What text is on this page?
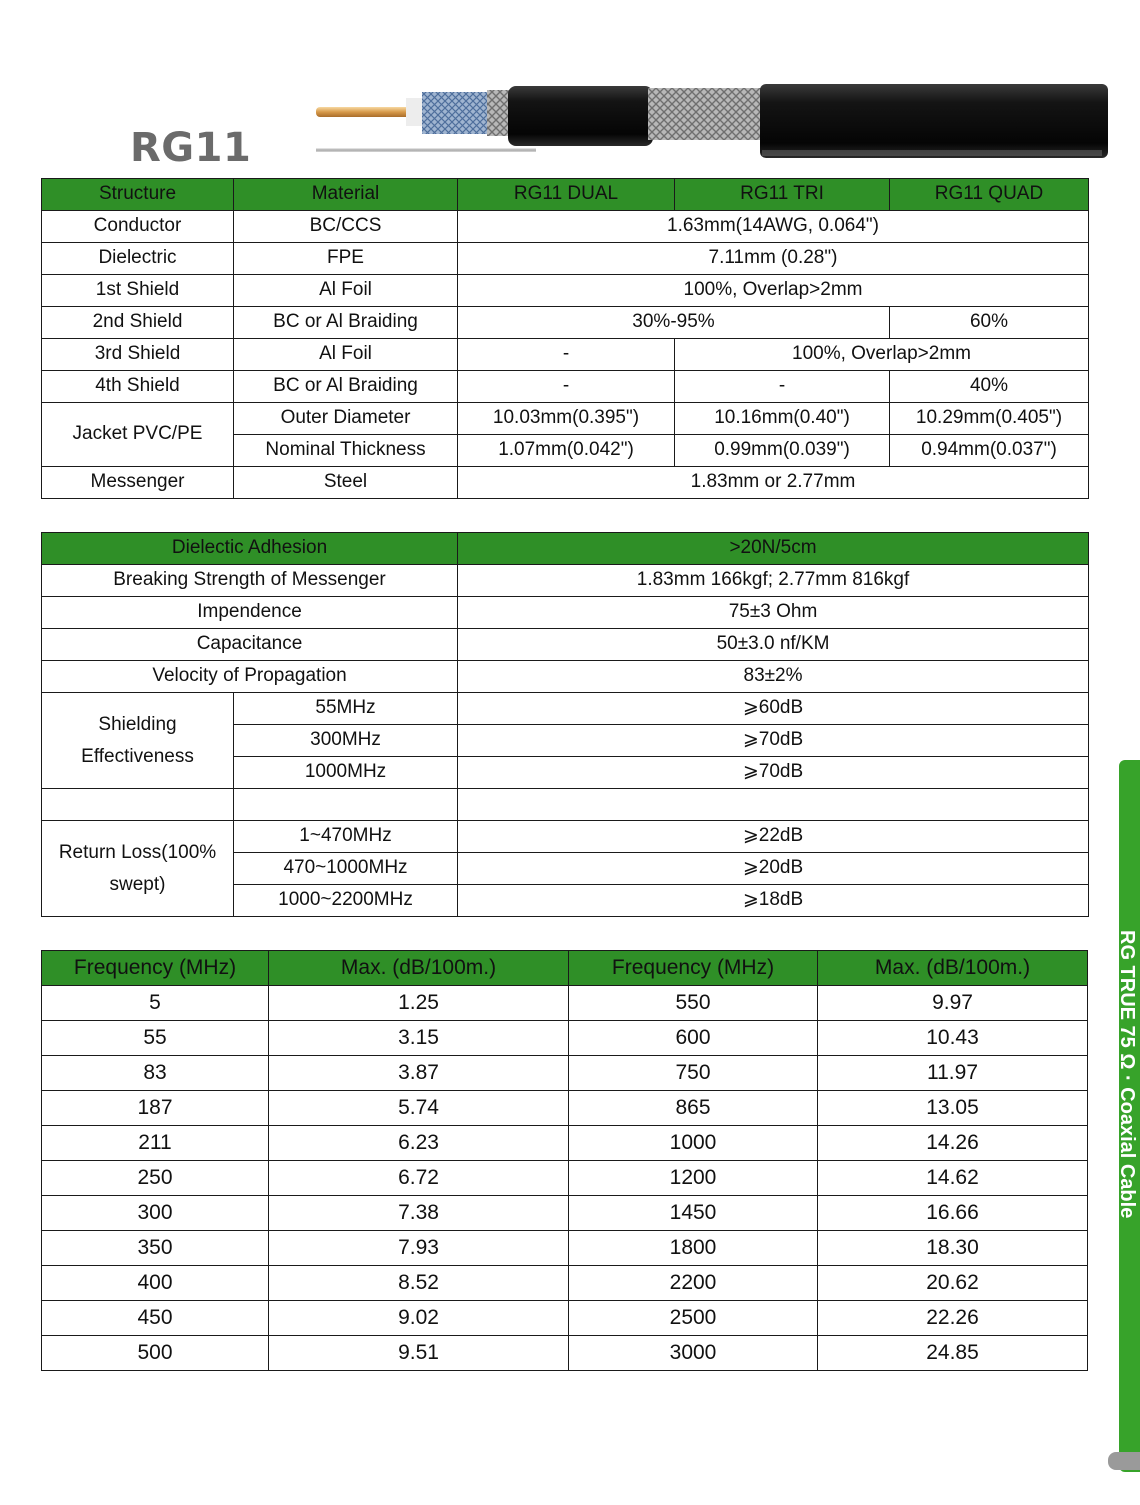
RG11
Structure	Material	RG11 DUAL	RG11 TRI	RG11 QUAD
Conductor	BC/CCS	1.63mm(14AWG, 0.064")		
Dielectric	FPE	7.11mm (0.28")		
1st Shield	Al Foil	100%, Overlap>2mm		
2nd Shield	BC or Al Braiding	30%-95%		60%
3rd Shield	Al Foil	-	100%, Overlap>2mm	
4th Shield	BC or Al Braiding	-	-	40%
Jacket PVC/PE	Outer Diameter	10.03mm(0.395")	10.16mm(0.40")	10.29mm(0.405")
	Nominal Thickness	1.07mm(0.042")	0.99mm(0.039")	0.94mm(0.037")
Messenger	Steel	1.83mm or 2.77mm		
Dielectic Adhesion		>20N/5cm
Breaking Strength of Messenger		1.83mm 166kgf; 2.77mm 816kgf
Impendence		75±3 Ohm
Capacitance		50±3.0 nf/KM
Velocity of Propagation		83±2%
Shielding Effectiveness	55MHz	⩾60dB
	300MHz	⩾70dB
	1000MHz	⩾70dB

Return Loss(100% swept)	1~470MHz	⩾22dB
	470~1000MHz	⩾20dB
	1000~2200MHz	⩾18dB
Frequency (MHz)	Max. (dB/100m.)	Frequency (MHz)	Max. (dB/100m.)
5	1.25	550	9.97
55	3.15	600	10.43
83	3.87	750	11.97
187	5.74	865	13.05
211	6.23	1000	14.26
250	6.72	1200	14.62
300	7.38	1450	16.66
350	7.93	1800	18.30
400	8.52	2200	20.62
450	9.02	2500	22.26
500	9.51	3000	24.85
RG TRUE 75 Ω · Coaxial Cable
